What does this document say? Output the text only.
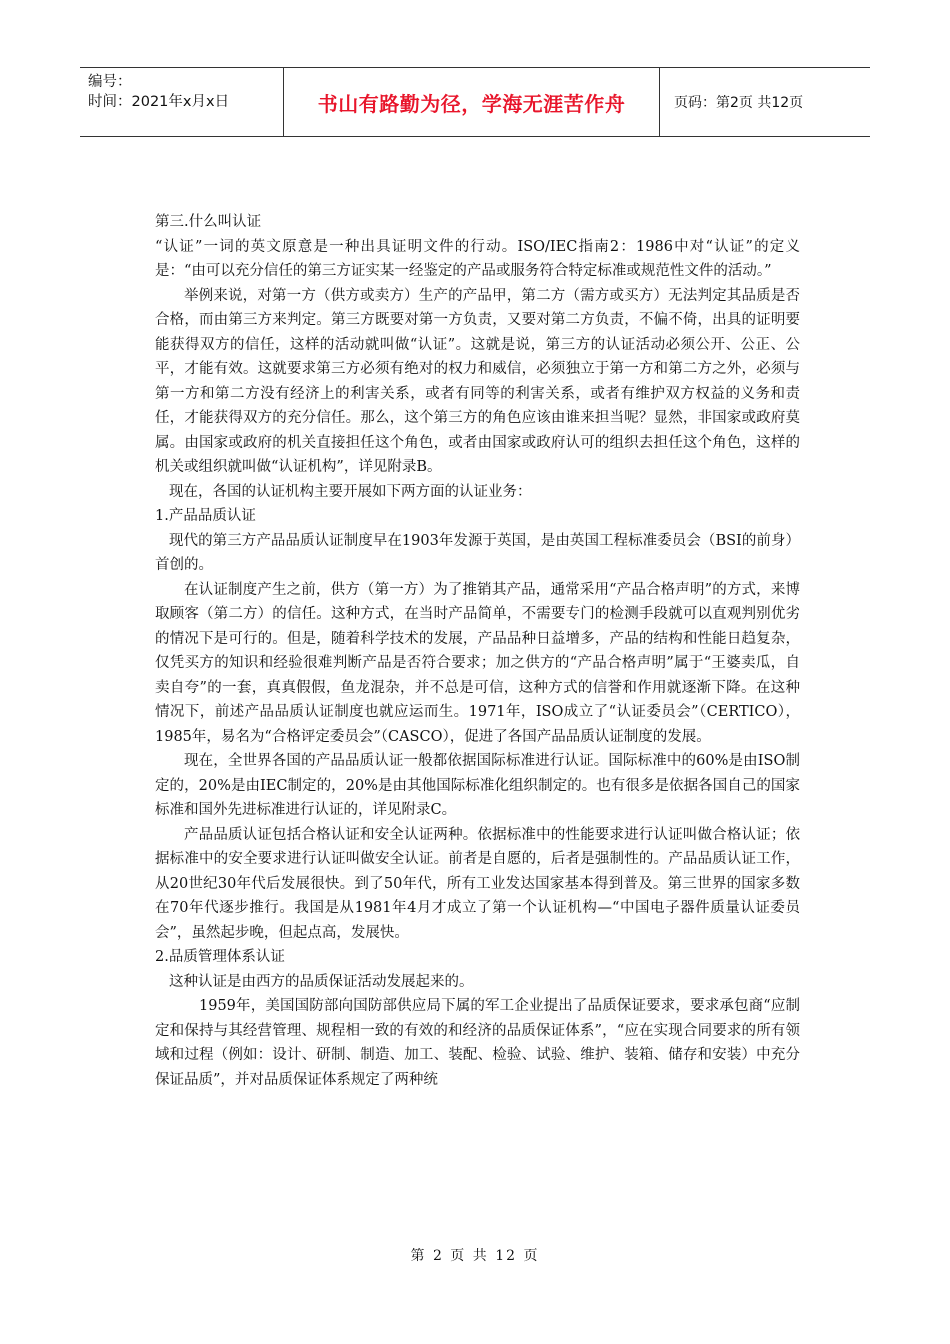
编号：
时间：2021年x月x日	书山有路勤为径，学海无涯苦作舟	页码：第2页 共12页

第三.什么叫认证

“认证”一词的英文原意是一种出具证明文件的行动。ISO/IEC指南2：1986中对“认证”的定义是：“由可以充分信任的第三方证实某一经鉴定的产品或服务符合特定标准或规范性文件的活动。”

举例来说，对第一方（供方或卖方）生产的产品甲，第二方（需方或买方）无法判定其品质是否合格，而由第三方来判定。第三方既要对第一方负责，又要对第二方负责，不偏不倚，出具的证明要能获得双方的信任，这样的活动就叫做“认证”。这就是说，第三方的认证活动必须公开、公正、公平，才能有效。这就要求第三方必须有绝对的权力和威信，必须独立于第一方和第二方之外，必须与第一方和第二方没有经济上的利害关系，或者有同等的利害关系，或者有维护双方权益的义务和责任，才能获得双方的充分信任。那么，这个第三方的角色应该由谁来担当呢？显然，非国家或政府莫属。由国家或政府的机关直接担任这个角色，或者由国家或政府认可的组织去担任这个角色，这样的机关或组织就叫做“认证机构”，详见附录B。

现在，各国的认证机构主要开展如下两方面的认证业务：

1.产品品质认证

现代的第三方产品品质认证制度早在1903年发源于英国，是由英国工程标准委员会（BSI的前身）首创的。

在认证制度产生之前，供方（第一方）为了推销其产品，通常采用“产品合格声明”的方式，来博取顾客（第二方）的信任。这种方式，在当时产品简单，不需要专门的检测手段就可以直观判别优劣的情况下是可行的。但是，随着科学技术的发展，产品品种日益增多，产品的结构和性能日趋复杂，仅凭买方的知识和经验很难判断产品是否符合要求；加之供方的“产品合格声明”属于“王婆卖瓜，自卖自夸”的一套，真真假假，鱼龙混杂，并不总是可信，这种方式的信誉和作用就逐渐下降。在这种情况下，前述产品品质认证制度也就应运而生。1971年，ISO成立了“认证委员会”（CERTICO），1985年，易名为“合格评定委员会”（CASCO），促进了各国产品品质认证制度的发展。

现在，全世界各国的产品品质认证一般都依据国际标准进行认证。国际标准中的60%是由ISO制定的，20%是由IEC制定的，20%是由其他国际标准化组织制定的。也有很多是依据各国自己的国家标准和国外先进标准进行认证的，详见附录C。

产品品质认证包括合格认证和安全认证两种。依据标准中的性能要求进行认证叫做合格认证；依据标准中的安全要求进行认证叫做安全认证。前者是自愿的，后者是强制性的。产品品质认证工作，从20世纪30年代后发展很快。到了50年代，所有工业发达国家基本得到普及。第三世界的国家多数在70年代逐步推行。我国是从1981年4月才成立了第一个认证机构—“中国电子器件质量认证委员会”，虽然起步晚，但起点高，发展快。

2.品质管理体系认证

这种认证是由西方的品质保证活动发展起来的。

1959年，美国国防部向国防部供应局下属的军工企业提出了品质保证要求，要求承包商“应制定和保持与其经营管理、规程相一致的有效的和经济的品质保证体系”，“应在实现合同要求的所有领域和过程（例如：设计、研制、制造、加工、装配、检验、试验、维护、装箱、储存和安装）中充分保证品质”，并对品质保证体系规定了两种统

第 2 页 共 12 页
